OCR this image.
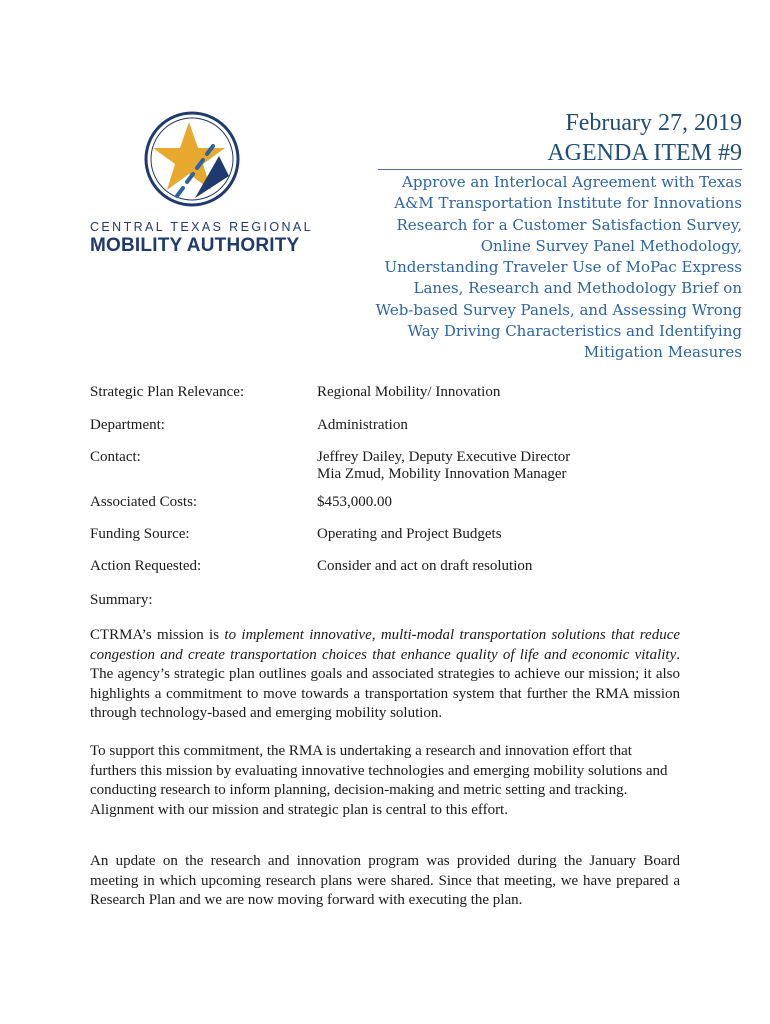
CENTRAL TEXAS REGIONAL
MOBILITY AUTHORITY
February 27, 2019
AGENDA ITEM #9
Approve an Interlocal Agreement with Texas A&M Transportation Institute for Innovations Research for a Customer Satisfaction Survey, Online Survey Panel Methodology, Understanding Traveler Use of MoPac Express Lanes, Research and Methodology Brief on Web-based Survey Panels, and Assessing Wrong Way Driving Characteristics and Identifying Mitigation Measures
Strategic Plan Relevance:	Regional Mobility/ Innovation
Department:	Administration
Contact:	Jeffrey Dailey, Deputy Executive Director
Mia Zmud, Mobility Innovation Manager
Associated Costs:	$453,000.00
Funding Source:	Operating and Project Budgets
Action Requested:	Consider and act on draft resolution
Summary:
CTRMA’s mission is to implement innovative, multi-modal transportation solutions that reduce congestion and create transportation choices that enhance quality of life and economic vitality. The agency’s strategic plan outlines goals and associated strategies to achieve our mission; it also highlights a commitment to move towards a transportation system that further the RMA mission through technology-based and emerging mobility solution.
To support this commitment, the RMA is undertaking a research and innovation effort that furthers this mission by evaluating innovative technologies and emerging mobility solutions and conducting research to inform planning, decision-making and metric setting and tracking. Alignment with our mission and strategic plan is central to this effort.
An update on the research and innovation program was provided during the January Board meeting in which upcoming research plans were shared. Since that meeting, we have prepared a Research Plan and we are now moving forward with executing the plan.
